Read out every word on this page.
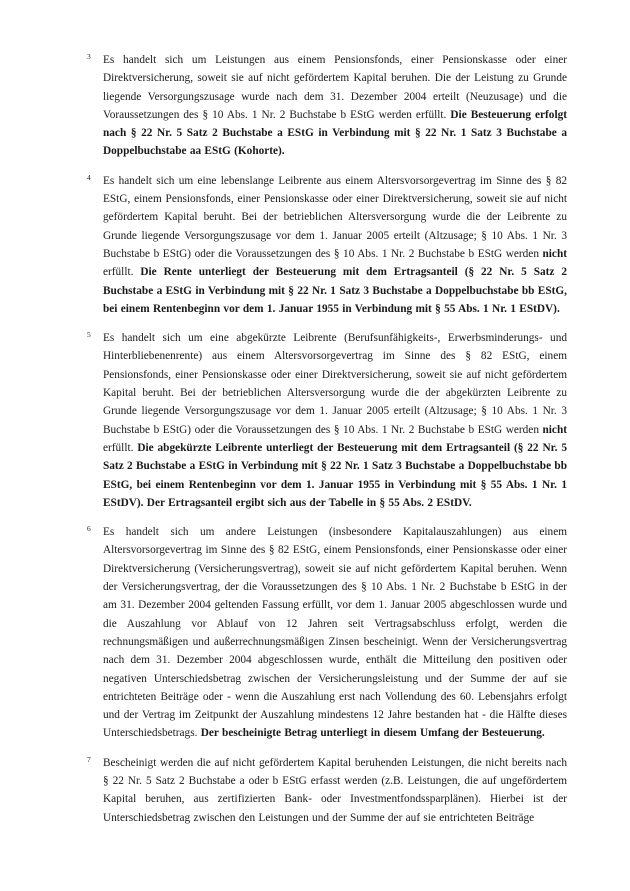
3	Es handelt sich um Leistungen aus einem Pensionsfonds, einer Pensionskasse oder einer Direktversicherung, soweit sie auf nicht gefördertem Kapital beruhen. Die der Leistung zu Grunde liegende Versorgungszusage wurde nach dem 31. Dezember 2004 erteilt (Neuzusage) und die Voraussetzungen des § 10 Abs. 1 Nr. 2 Buchstabe b EStG werden erfüllt. Die Besteuerung erfolgt nach § 22 Nr. 5 Satz 2 Buchstabe a EStG in Verbindung mit § 22 Nr. 1 Satz 3 Buchstabe a Doppelbuchstabe aa EStG (Kohorte).

4	Es handelt sich um eine lebenslange Leibrente aus einem Altersvorsorgevertrag im Sinne des § 82 EStG, einem Pensionsfonds, einer Pensionskasse oder einer Direktversicherung, soweit sie auf nicht gefördertem Kapital beruht. Bei der betrieblichen Altersversorgung wurde die der Leibrente zu Grunde liegende Versorgungszusage vor dem 1. Januar 2005 erteilt (Altzusage; § 10 Abs. 1 Nr. 3 Buchstabe b EStG) oder die Voraussetzungen des § 10 Abs. 1 Nr. 2 Buchstabe b EStG werden nicht erfüllt. Die Rente unterliegt der Besteuerung mit dem Ertragsanteil (§ 22 Nr. 5 Satz 2 Buchstabe a EStG in Verbindung mit § 22 Nr. 1 Satz 3 Buchstabe a Doppelbuchstabe bb EStG, bei einem Rentenbeginn vor dem 1. Januar 1955 in Verbindung mit § 55 Abs. 1 Nr. 1 EStDV).

5	Es handelt sich um eine abgekürzte Leibrente (Berufsunfähigkeits-, Erwerbsminderungs- und Hinterbliebenenrente) aus einem Altersvorsorgevertrag im Sinne des § 82 EStG, einem Pensionsfonds, einer Pensionskasse oder einer Direktversicherung, soweit sie auf nicht gefördertem Kapital beruht. Bei der betrieblichen Altersversorgung wurde die der abgekürzten Leibrente zu Grunde liegende Versorgungszusage vor dem 1. Januar 2005 erteilt (Altzusage; § 10 Abs. 1 Nr. 3 Buchstabe b EStG) oder die Voraussetzungen des § 10 Abs. 1 Nr. 2 Buchstabe b EStG werden nicht erfüllt. Die abgekürzte Leibrente unterliegt der Besteuerung mit dem Ertragsanteil (§ 22 Nr. 5 Satz 2 Buchstabe a EStG in Verbindung mit § 22 Nr. 1 Satz 3 Buchstabe a Doppelbuchstabe bb EStG, bei einem Rentenbeginn vor dem 1. Januar 1955 in Verbindung mit § 55 Abs. 1 Nr. 1 EStDV). Der Ertragsanteil ergibt sich aus der Tabelle in § 55 Abs. 2 EStDV.

6	Es handelt sich um andere Leistungen (insbesondere Kapitalauszahlungen) aus einem Altersvorsorgevertrag im Sinne des § 82 EStG, einem Pensionsfonds, einer Pensionskasse oder einer Direktversicherung (Versicherungsvertrag), soweit sie auf nicht gefördertem Kapital beruhen. Wenn der Versicherungsvertrag, der die Voraussetzungen des § 10 Abs. 1 Nr. 2 Buchstabe b EStG in der am 31. Dezember 2004 geltenden Fassung erfüllt, vor dem 1. Januar 2005 abgeschlossen wurde und die Auszahlung vor Ablauf von 12 Jahren seit Vertragsabschluss erfolgt, werden die rechnungsmäßigen und außerrechnungsmäßigen Zinsen bescheinigt. Wenn der Versicherungsvertrag nach dem 31. Dezember 2004 abgeschlossen wurde, enthält die Mitteilung den positiven oder negativen Unterschiedsbetrag zwischen der Versicherungsleistung und der Summe der auf sie entrichteten Beiträge oder - wenn die Auszahlung erst nach Vollendung des 60. Lebensjahrs erfolgt und der Vertrag im Zeitpunkt der Auszahlung mindestens 12 Jahre bestanden hat - die Hälfte dieses Unterschiedsbetrags. Der bescheinigte Betrag unterliegt in diesem Umfang der Besteuerung.

7	Bescheinigt werden die auf nicht gefördertem Kapital beruhenden Leistungen, die nicht bereits nach § 22 Nr. 5 Satz 2 Buchstabe a oder b EStG erfasst werden (z.B. Leistungen, die auf ungefördertem Kapital beruhen, aus zertifizierten Bank- oder Investmentfondssparplänen). Hierbei ist der Unterschiedsbetrag zwischen den Leistungen und der Summe der auf sie entrichteten Beiträge
